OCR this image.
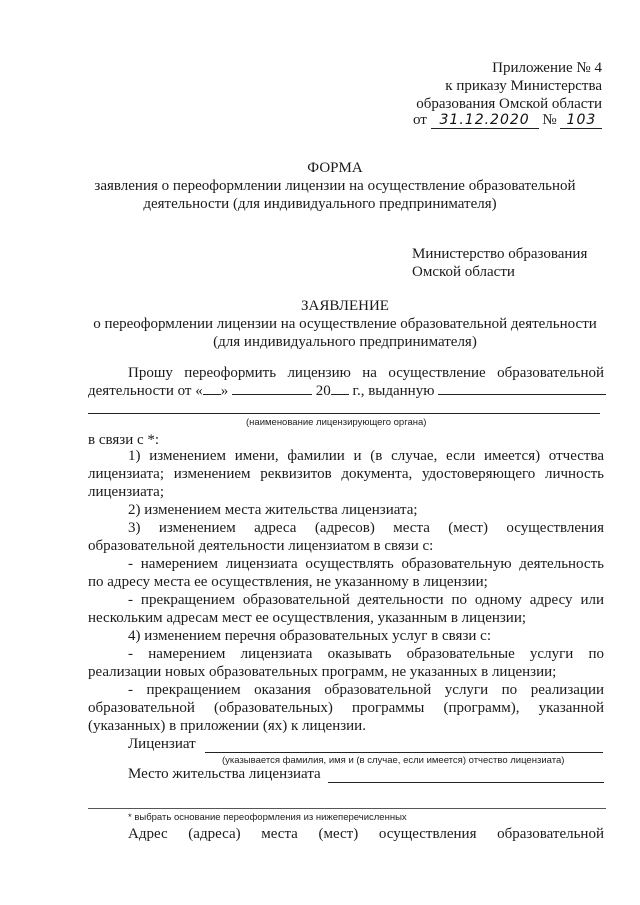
Приложение № 4
к приказу Министерства
образования Омской области
от 31.12.2020 № 103
ФОРМА
заявления о переоформлении лицензии на осуществление образовательной
деятельности (для индивидуального предпринимателя)
Министерство образования
Омской области
ЗАЯВЛЕНИЕ
о переоформлении лицензии на осуществление образовательной деятельности
(для индивидуального предпринимателя)
Прошу переоформить лицензию на осуществление образовательной
деятельности от « »	20 г., выданную
(наименование лицензирующего органа)
в связи с *:
1) изменением имени, фамилии и (в случае, если имеется) отчества
лицензиата; изменением реквизитов документа, удостоверяющего личность
лицензиата;
2) изменением места жительства лицензиата;
3) изменением адреса (адресов) места (мест) осуществления
образовательной деятельности лицензиатом в связи с:
- намерением лицензиата осуществлять образовательную деятельность
по адресу места ее осуществления, не указанному в лицензии;
- прекращением образовательной деятельности по одному адресу или
нескольким адресам мест ее осуществления, указанным в лицензии;
4) изменением перечня образовательных услуг в связи с:
- намерением лицензиата оказывать образовательные услуги по
реализации новых образовательных программ, не указанных в лицензии;
- прекращением оказания образовательной услуги по реализации
образовательной (образовательных) программы (программ), указанной
(указанных) в приложении (ях) к лицензии.
Лицензиат
(указывается фамилия, имя и (в случае, если имеется) отчество лицензиата)
Место жительства лицензиата
* выбрать основание переоформления из нижеперечисленных
Адрес (адреса) места (мест) осуществления образовательной
